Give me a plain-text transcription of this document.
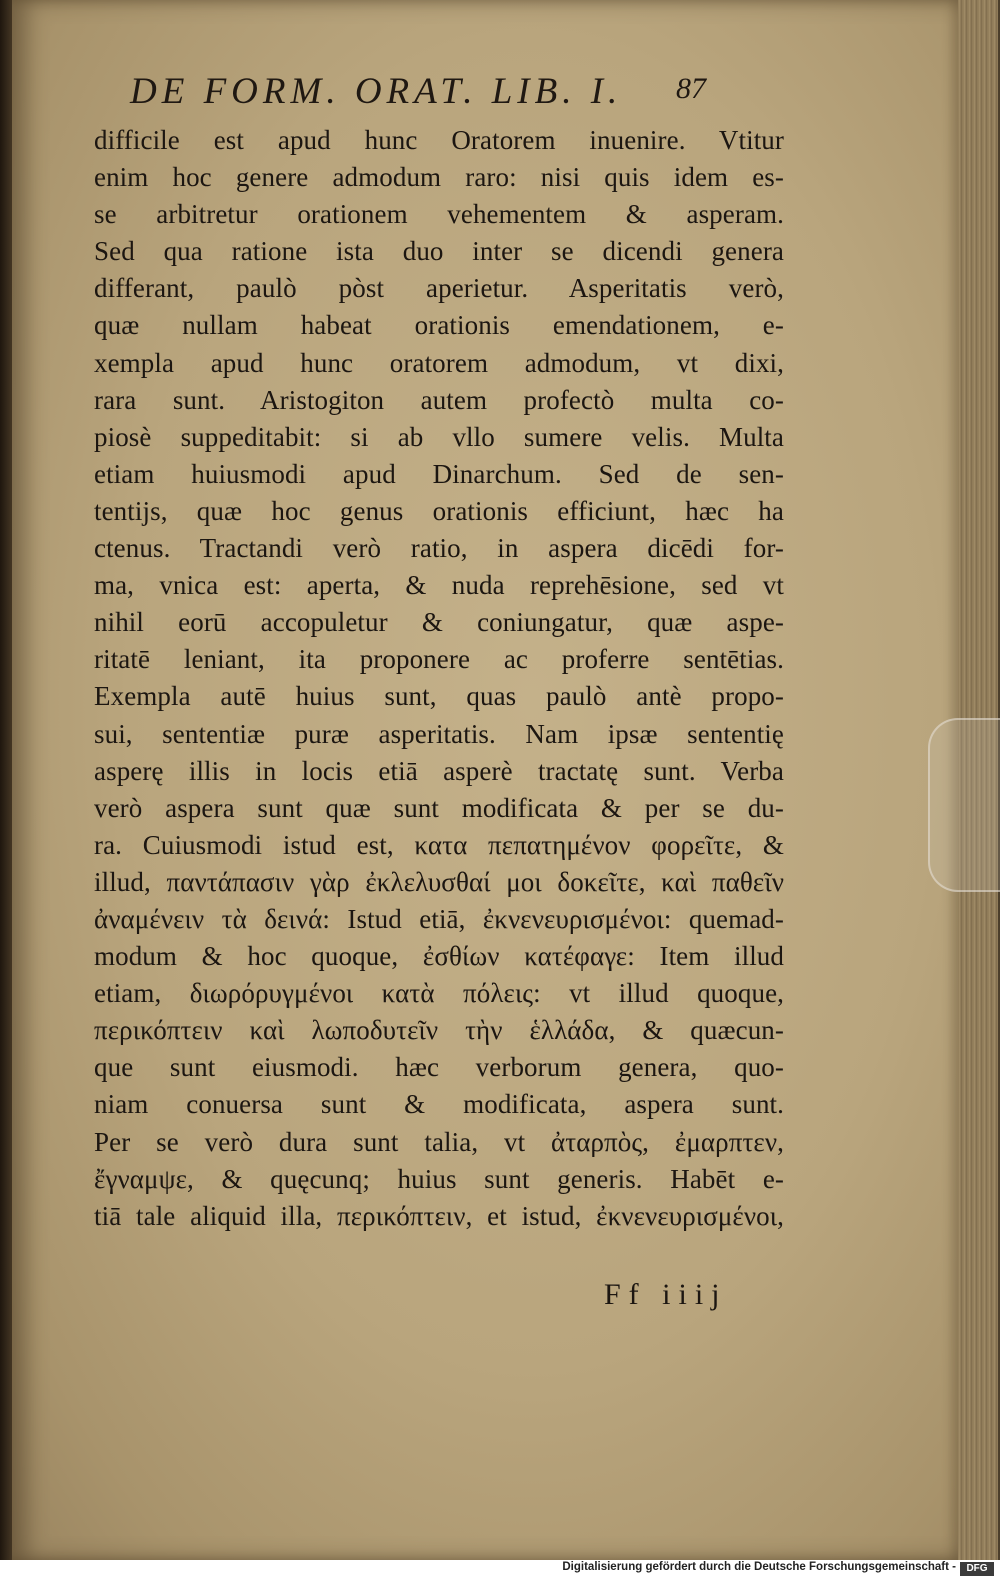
DE FORM. ORAT. LIB. I.	87
difficile est apud hunc Oratorem inuenire. Vtitur
enim hoc genere admodum raro: nisi quis idem es-
se arbitretur orationem vehementem & asperam.
Sed qua ratione ista duo inter se dicendi genera
differant, paulò pòst aperietur. Asperitatis verò,
quæ nullam habeat orationis emendationem, e-
xempla apud hunc oratorem admodum, vt dixi,
rara sunt. Aristogiton autem profectò multa co-
piosè suppeditabit: si ab vllo sumere velis. Multa
etiam huiusmodi apud Dinarchum. Sed de sen-
tentijs, quæ hoc genus orationis efficiunt, hæc ha
ctenus. Tractandi verò ratio, in aspera dicēdi for-
ma, vnica est: aperta, & nuda reprehēsione, sed vt
nihil eorū accopuletur & coniungatur, quæ aspe-
ritatē leniant, ita proponere ac proferre sentētias.
Exempla autē huius sunt, quas paulò antè propo-
sui, sententiæ puræ asperitatis. Nam ipsæ sententię
asperę illis in locis etiā asperè tractatę sunt. Verba
verò aspera sunt quæ sunt modificata & per se du-
ra. Cuiusmodi istud est, κατα πεπατημένον φορεῖτε, &
illud, παντάπασιν γὰρ ἐκλελυσθαί μοι δοκεῖτε, καὶ παθεῖν
ἀναμένειν τὰ δεινά: Istud etiā, ἐκνενευρισμένοι: quemad-
modum & hoc quoque, ἐσθίων κατέφαγε: Item illud
etiam, διωρόρυγμένοι κατὰ πόλεις: vt illud quoque,
περικόπτειν καὶ λωποδυτεῖν τὴν ἑλλάδα, & quæcun-
que sunt eiusmodi. hæc verborum genera, quo-
niam conuersa sunt & modificata, aspera sunt.
Per se verò dura sunt talia, vt ἀταρπὸς, ἐμαρπτεν,
ἔγναμψε, & quęcunq; huius sunt generis. Habēt e-
tiā tale aliquid illa, περικόπτειν, et istud, ἐκνενευρισμένοι,
Ff iiij
Digitalisierung gefördert durch die Deutsche Forschungsgemeinschaft -	DFG
